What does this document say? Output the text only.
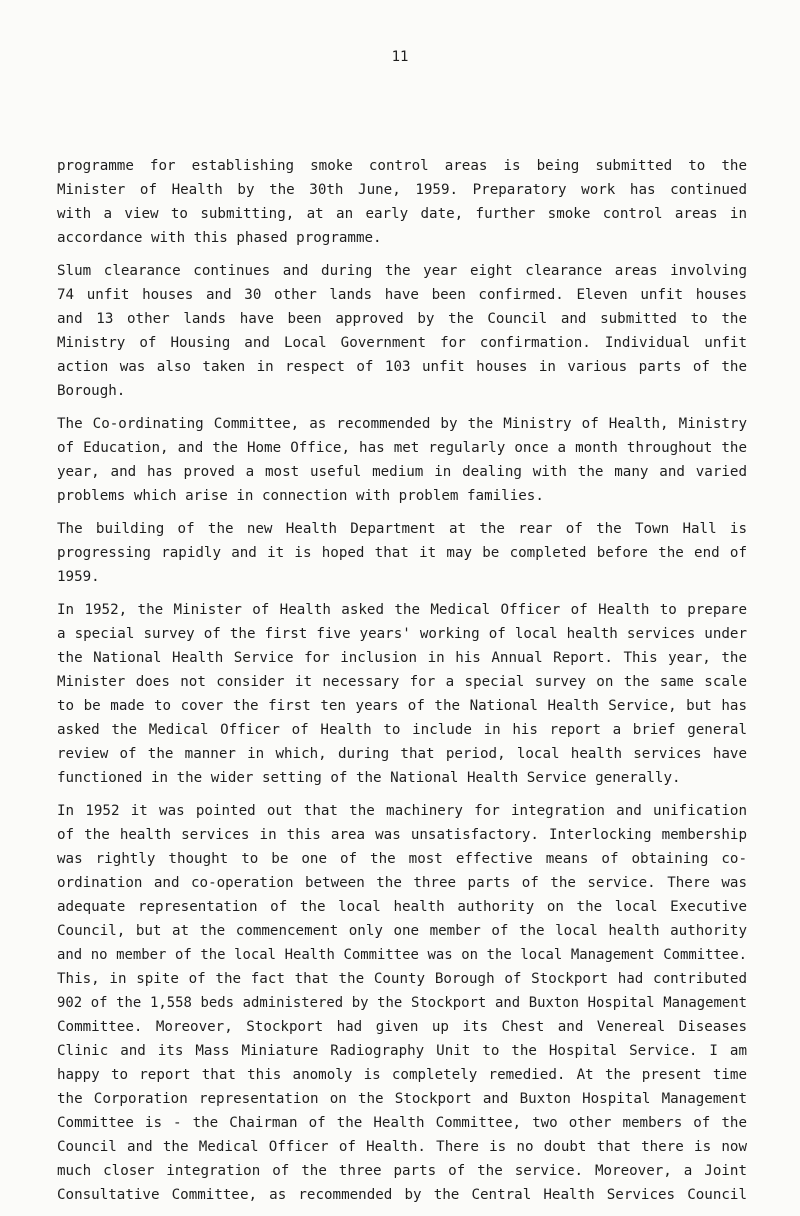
11
programme for establishing smoke control areas is being submitted to the
Minister of Health by the 30th June, 1959. Preparatory work has continued
with a view to submitting, at an early date, further smoke control areas in
accordance with this phased programme.
Slum clearance continues and during the year eight clearance areas involving
74 unfit houses and 30 other lands have been confirmed. Eleven unfit houses
and 13 other lands have been approved by the Council and submitted to the
Ministry of Housing and Local Government for confirmation. Individual unfit
action was also taken in respect of 103 unfit houses in various parts of the
Borough.
The Co-ordinating Committee, as recommended by the Ministry of Health, Ministry
of Education, and the Home Office, has met regularly once a month throughout the
year, and has proved a most useful medium in dealing with the many and varied
problems which arise in connection with problem families.
The building of the new Health Department at the rear of the Town Hall is
progressing rapidly and it is hoped that it may be completed before the end of
1959.
In 1952, the Minister of Health asked the Medical Officer of Health to prepare
a special survey of the first five years' working of local health services under
the National Health Service for inclusion in his Annual Report. This year, the
Minister does not consider it necessary for a special survey on the same scale
to be made to cover the first ten years of the National Health Service, but has
asked the Medical Officer of Health to include in his report a brief general
review of the manner in which, during that period, local health services have
functioned in the wider setting of the National Health Service generally.
In 1952 it was pointed out that the machinery for integration and unification
of the health services in this area was unsatisfactory. Interlocking membership
was rightly thought to be one of the most effective means of obtaining co-
ordination and co-operation between the three parts of the service. There was
adequate representation of the local health authority on the local Executive
Council, but at the commencement only one member of the local health authority
and no member of the local Health Committee was on the local Management Committee.
This, in spite of the fact that the County Borough of Stockport had contributed
902 of the 1,558 beds administered by the Stockport and Buxton Hospital Management
Committee. Moreover, Stockport had given up its Chest and Venereal Diseases
Clinic and its Mass Miniature Radiography Unit to the Hospital Service. I am
happy to report that this anomoly is completely remedied. At the present time
the Corporation representation on the Stockport and Buxton Hospital Management
Committee is - the Chairman of the Health Committee, two other members of the
Council and the Medical Officer of Health. There is no doubt that there is now
much closer integration of the three parts of the service. Moreover, a Joint
Consultative Committee, as recommended by the Central Health Services Council
